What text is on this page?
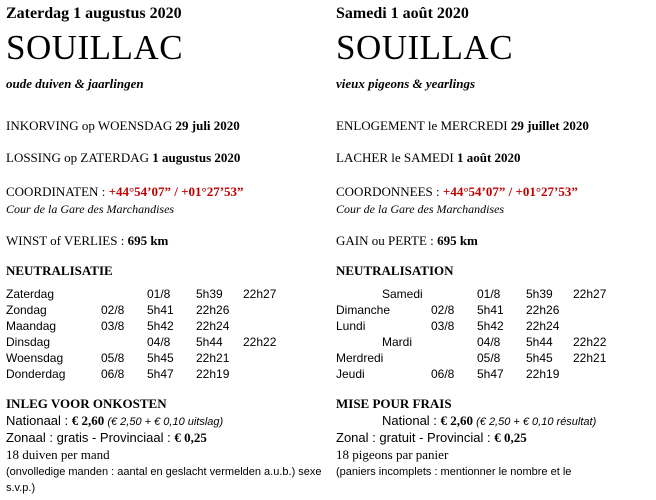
Zaterdag 1 augustus 2020
SOUILLAC
oude duiven & jaarlingen
INKORVING op WOENSDAG 29 juli 2020
LOSSING op ZATERDAG 1 augustus 2020
COORDINATEN : +44°54’07” / +01°27’53”
Cour de la Gare des Marchandises
WINST of VERLIES : 695 km
NEUTRALISATIE
Zaterdag	01/8 5h39 22h27
Zondag	02/8 5h41 22h26
Maandag	03/8 5h42 22h24
Dinsdag	04/8 5h44 22h22
Woensdag	05/8 5h45 22h21
Donderdag	06/8 5h47 22h19
INLEG VOOR ONKOSTEN
Nationaal : € 2,60 (€ 2,50 + € 0,10 uitslag)
Zonaal : gratis - Provinciaal : € 0,25
18 duiven per mand
(onvolledige manden : aantal en geslacht vermelden a.u.b.) sexe s.v.p.)
Samedi 1 août 2020
SOUILLAC
vieux pigeons & yearlings
ENLOGEMENT le MERCREDI 29 juillet 2020
LACHER le SAMEDI 1 août 2020
COORDONNEES : +44°54’07” / +01°27’53”
Cour de la Gare des Marchandises
GAIN ou PERTE : 695 km
NEUTRALISATION
Samedi	01/8 5h39 22h27
Dimanche	02/8 5h41 22h26
Lundi	03/8 5h42 22h24
Mardi	04/8 5h44 22h22
Merdredi	05/8 5h45 22h21
Jeudi	06/8 5h47 22h19
MISE POUR FRAIS
National : € 2,60 (€ 2,50 + € 0,10 résultat)
Zonal : gratuit - Provincial : € 0,25
18 pigeons par panier
(paniers incomplets : mentionner le nombre et le
